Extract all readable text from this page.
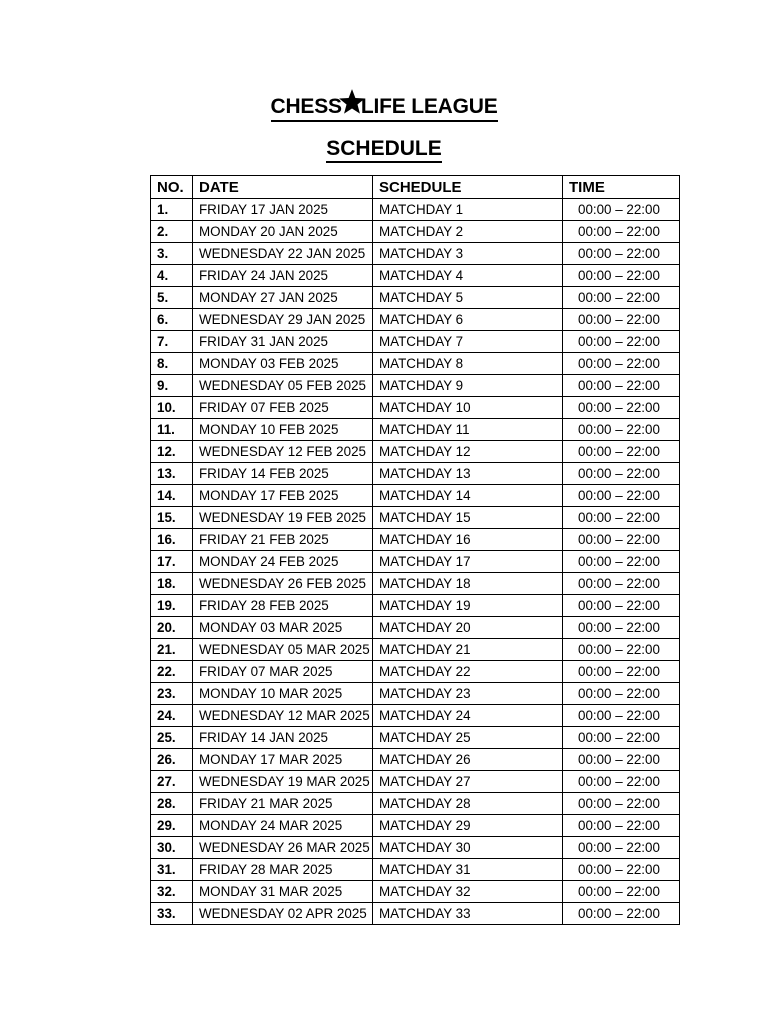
CHESS LIFE LEAGUE
SCHEDULE
NO.	DATE	SCHEDULE	TIME
1.	FRIDAY 17 JAN 2025	MATCHDAY 1	00:00 – 22:00
2.	MONDAY 20 JAN 2025	MATCHDAY 2	00:00 – 22:00
3.	WEDNESDAY 22 JAN 2025	MATCHDAY 3	00:00 – 22:00
4.	FRIDAY 24 JAN 2025	MATCHDAY 4	00:00 – 22:00
5.	MONDAY 27 JAN 2025	MATCHDAY 5	00:00 – 22:00
6.	WEDNESDAY 29 JAN 2025	MATCHDAY 6	00:00 – 22:00
7.	FRIDAY 31 JAN 2025	MATCHDAY 7	00:00 – 22:00
8.	MONDAY 03 FEB 2025	MATCHDAY 8	00:00 – 22:00
9.	WEDNESDAY 05 FEB 2025	MATCHDAY 9	00:00 – 22:00
10.	FRIDAY 07 FEB 2025	MATCHDAY 10	00:00 – 22:00
11.	MONDAY 10 FEB 2025	MATCHDAY 11	00:00 – 22:00
12.	WEDNESDAY 12 FEB 2025	MATCHDAY 12	00:00 – 22:00
13.	FRIDAY 14 FEB 2025	MATCHDAY 13	00:00 – 22:00
14.	MONDAY 17 FEB 2025	MATCHDAY 14	00:00 – 22:00
15.	WEDNESDAY 19 FEB 2025	MATCHDAY 15	00:00 – 22:00
16.	FRIDAY 21 FEB 2025	MATCHDAY 16	00:00 – 22:00
17.	MONDAY 24 FEB 2025	MATCHDAY 17	00:00 – 22:00
18.	WEDNESDAY 26 FEB 2025	MATCHDAY 18	00:00 – 22:00
19.	FRIDAY 28 FEB 2025	MATCHDAY 19	00:00 – 22:00
20.	MONDAY 03 MAR 2025	MATCHDAY 20	00:00 – 22:00
21.	WEDNESDAY 05 MAR 2025	MATCHDAY 21	00:00 – 22:00
22.	FRIDAY 07 MAR 2025	MATCHDAY 22	00:00 – 22:00
23.	MONDAY 10 MAR 2025	MATCHDAY 23	00:00 – 22:00
24.	WEDNESDAY 12 MAR 2025	MATCHDAY 24	00:00 – 22:00
25.	FRIDAY 14 JAN 2025	MATCHDAY 25	00:00 – 22:00
26.	MONDAY 17 MAR 2025	MATCHDAY 26	00:00 – 22:00
27.	WEDNESDAY 19 MAR 2025	MATCHDAY 27	00:00 – 22:00
28.	FRIDAY 21 MAR 2025	MATCHDAY 28	00:00 – 22:00
29.	MONDAY 24 MAR 2025	MATCHDAY 29	00:00 – 22:00
30.	WEDNESDAY 26 MAR 2025	MATCHDAY 30	00:00 – 22:00
31.	FRIDAY 28 MAR 2025	MATCHDAY 31	00:00 – 22:00
32.	MONDAY 31 MAR 2025	MATCHDAY 32	00:00 – 22:00
33.	WEDNESDAY 02 APR 2025	MATCHDAY 33	00:00 – 22:00
